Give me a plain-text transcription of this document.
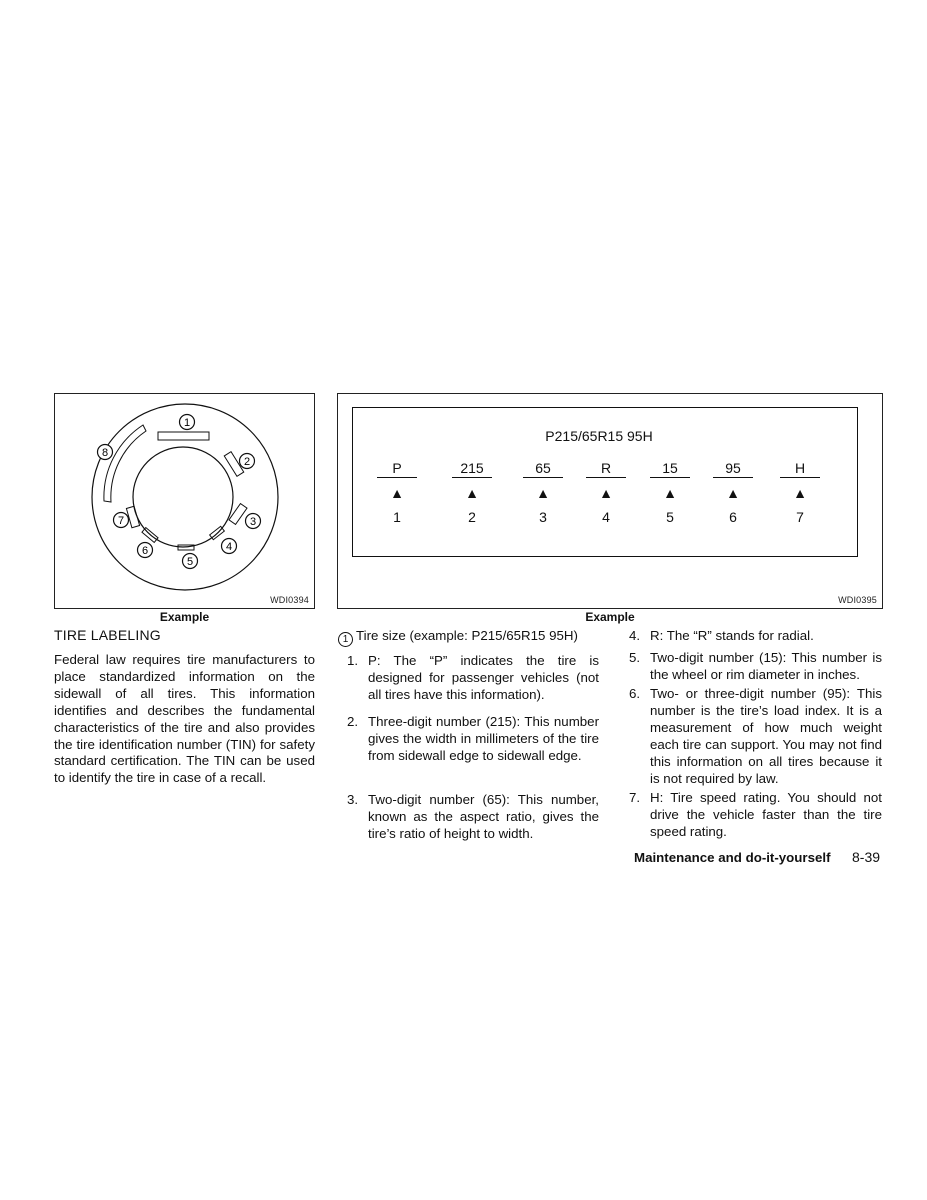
1
2
3
4
5
6
7
8
WDI0394
Example
P215/65R15 95H
P	215	65	R	15	95	H
▲	▲	▲	▲	▲	▲	▲
1	2	3	4	5	6	7
WDI0395
Example
TIRE LABELING
Federal law requires tire manufacturers to place standardized information on the sidewall of all tires. This information identifies and describes the fundamental characteristics of the tire and also provides the tire identification number (TIN) for safety standard certification. The TIN can be used to identify the tire in case of a recall.
1 Tire size (example: P215/65R15 95H)
1. P: The “P” indicates the tire is designed for passenger vehicles (not all tires have this information).
2. Three-digit number (215): This number gives the width in millimeters of the tire from sidewall edge to sidewall edge.
3. Two-digit number (65): This number, known as the aspect ratio, gives the tire’s ratio of height to width.
4. R: The “R” stands for radial.
5. Two-digit number (15): This number is the wheel or rim diameter in inches.
6. Two- or three-digit number (95): This number is the tire’s load index. It is a measurement of how much weight each tire can support. You may not find this information on all tires because it is not required by law.
7. H: Tire speed rating. You should not drive the vehicle faster than the tire speed rating.
Maintenance and do-it-yourself 8-39
